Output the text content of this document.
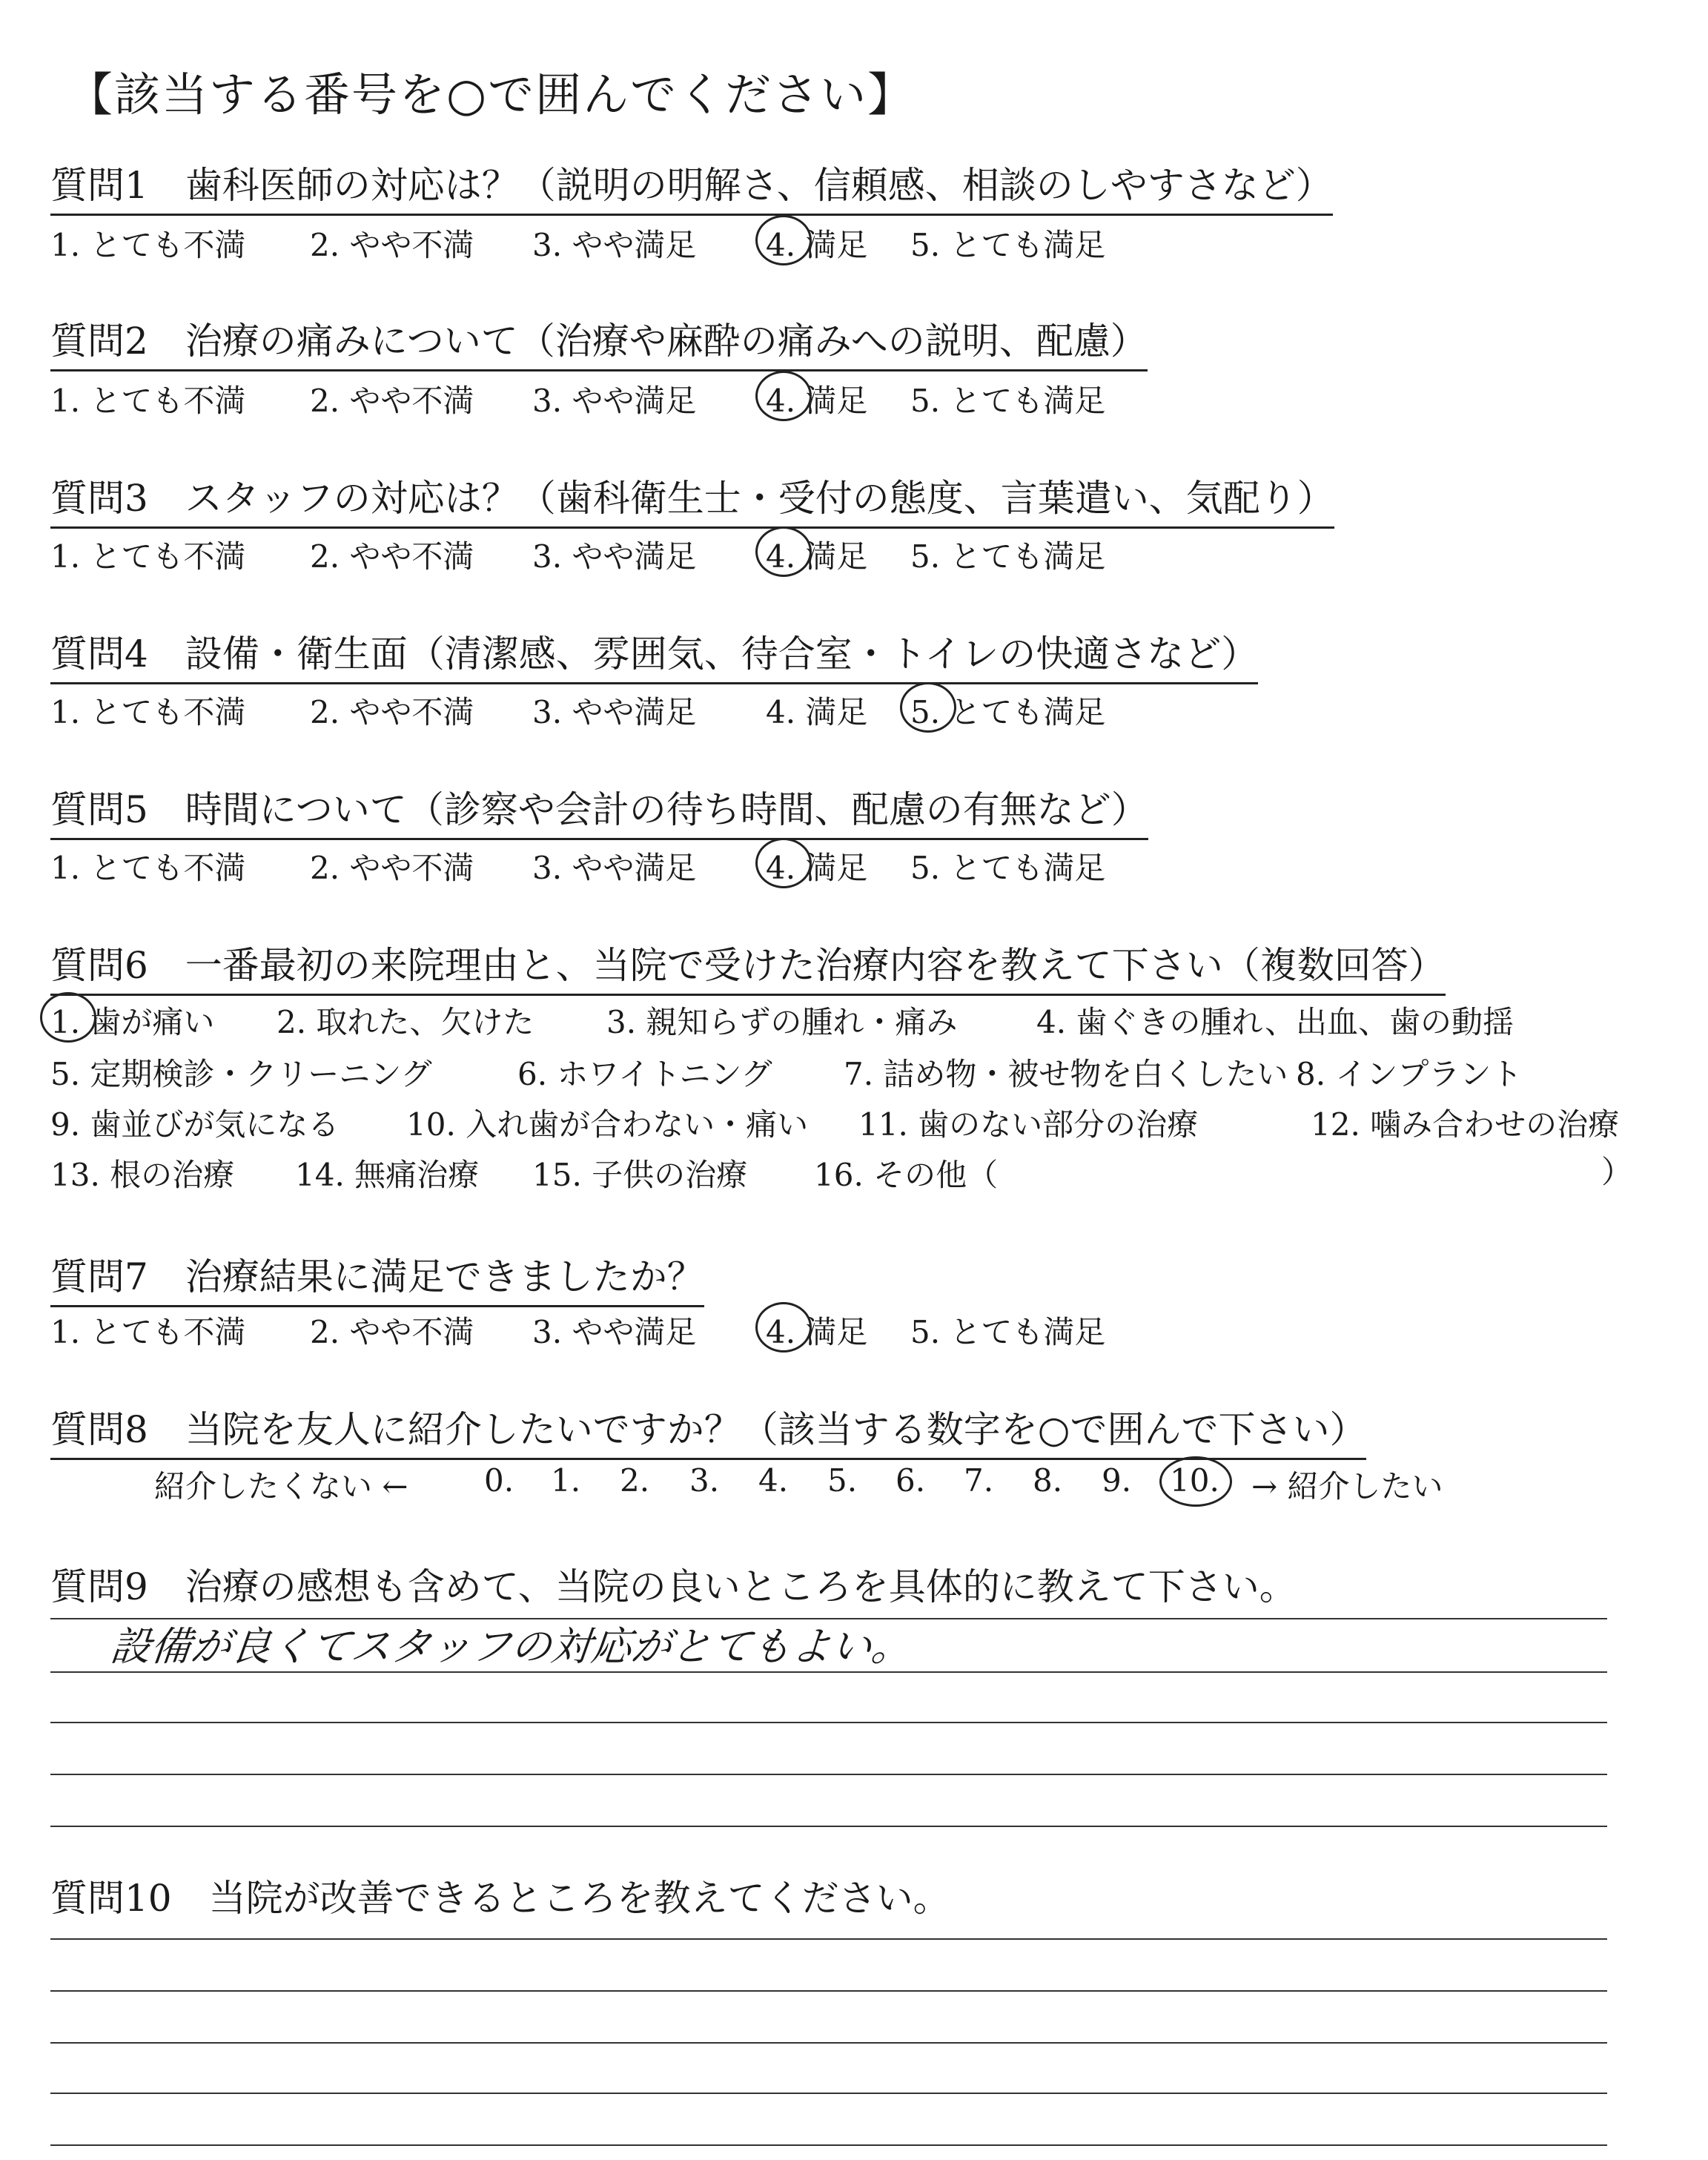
【該当する番号を○で囲んでください】
質問1　歯科医師の対応は？（説明の明解さ、信頼感、相談のしやすさなど）
1. とても不満 2. やや不満 3. やや満足 4. 満足 5. とても満足
質問2　治療の痛みについて（治療や麻酔の痛みへの説明、配慮）
1. とても不満 2. やや不満 3. やや満足 4. 満足 5. とても満足
質問3　スタッフの対応は？（歯科衛生士・受付の態度、言葉遣い、気配り）
1. とても不満 2. やや不満 3. やや満足 4. 満足 5. とても満足
質問4　設備・衛生面（清潔感、雰囲気、待合室・トイレの快適さなど）
1. とても不満 2. やや不満 3. やや満足 4. 満足 5. とても満足
質問5　時間について（診察や会計の待ち時間、配慮の有無など）
1. とても不満 2. やや不満 3. やや満足 4. 満足 5. とても満足
質問6　一番最初の来院理由と、当院で受けた治療内容を教えて下さい（複数回答）
1. 歯が痛い 2. 取れた、欠けた 3. 親知らずの腫れ・痛み	4. 歯ぐきの腫れ、出血、歯の動揺
5. 定期検診・クリーニング	6. ホワイトニング 7. 詰め物・被せ物を白くしたい 8. インプラント
9. 歯並びが気になる 10. 入れ歯が合わない・痛い 11. 歯のない部分の治療	12. 噛み合わせの治療
13. 根の治療 14. 無痛治療 15. 子供の治療 16. その他（	）
質問7　治療結果に満足できましたか？
1. とても不満 2. やや不満 3. やや満足 4. 満足 5. とても満足
質問8　当院を友人に紹介したいですか？（該当する数字を○で囲んで下さい）
紹介したくない ← 0. 1. 2. 3. 4. 5. 6. 7. 8. 9. 10. → 紹介したい
質問9　治療の感想も含めて、当院の良いところを具体的に教えて下さい。
設備が良くてスタッフの対応がとてもよい。
質問10　当院が改善できるところを教えてください。
